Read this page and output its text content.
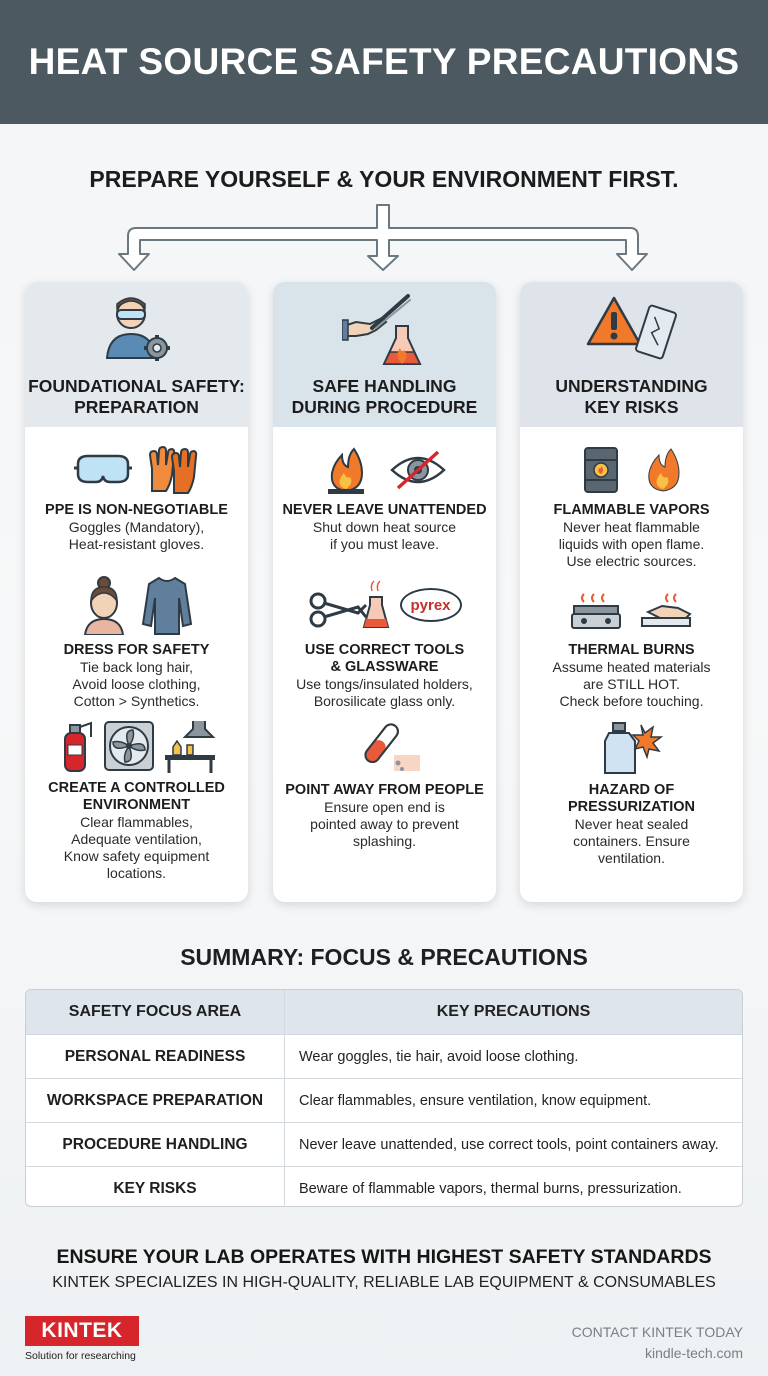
HEAT SOURCE SAFETY PRECAUTIONS
PREPARE YOURSELF & YOUR ENVIRONMENT FIRST.
FOUNDATIONAL SAFETY:
PREPARATION
PPE IS NON-NEGOTIABLE
Goggles (Mandatory),
Heat-resistant gloves.
DRESS FOR SAFETY
Tie back long hair,
Avoid loose clothing,
Cotton > Synthetics.
CREATE A CONTROLLED
ENVIRONMENT
Clear flammables,
Adequate ventilation,
Know safety equipment
locations.
SAFE HANDLING
DURING PROCEDURE
NEVER LEAVE UNATTENDED
Shut down heat source
if you must leave.
pyrex
USE CORRECT TOOLS
& GLASSWARE
Use tongs/insulated holders,
Borosilicate glass only.
POINT AWAY FROM PEOPLE
Ensure open end is
pointed away to prevent
splashing.
UNDERSTANDING
KEY RISKS
FLAMMABLE VAPORS
Never heat flammable
liquids with open flame.
Use electric sources.
THERMAL BURNS
Assume heated materials
are STILL HOT.
Check before touching.
HAZARD OF
PRESSURIZATION
Never heat sealed
containers. Ensure
ventilation.
SUMMARY: FOCUS & PRECAUTIONS
SAFETY FOCUS AREA	KEY PRECAUTIONS
PERSONAL READINESS	Wear goggles, tie hair, avoid loose clothing.
WORKSPACE PREPARATION	Clear flammables, ensure ventilation, know equipment.
PROCEDURE HANDLING	Never leave unattended, use correct tools, point containers away.
KEY RISKS	Beware of flammable vapors, thermal burns, pressurization.
ENSURE YOUR LAB OPERATES WITH HIGHEST SAFETY STANDARDS
KINTEK SPECIALIZES IN HIGH-QUALITY, RELIABLE LAB EQUIPMENT & CONSUMABLES
KINTEK
Solution for researching
CONTACT KINTEK TODAY
kindle-tech.com
